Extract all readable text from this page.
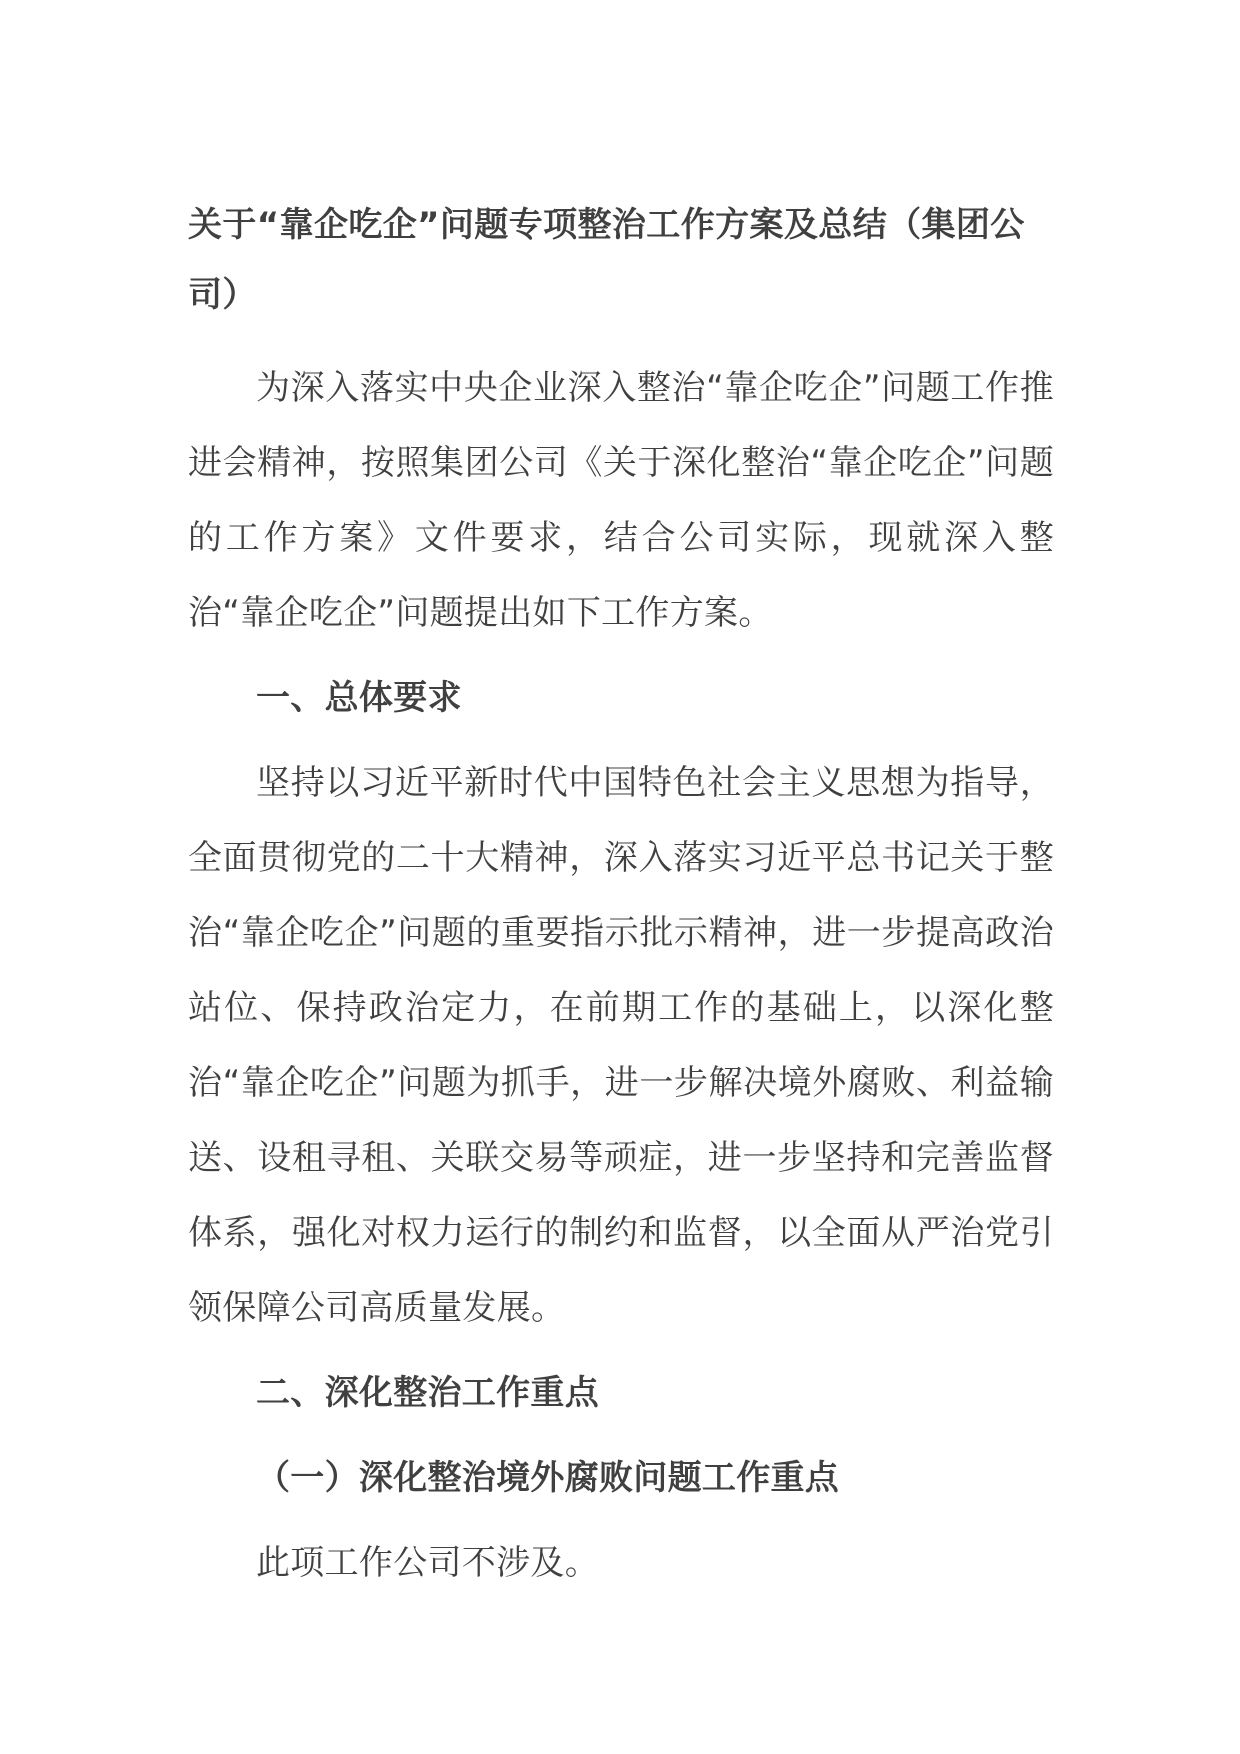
关于“靠企吃企”问题专项整治工作方案及总结（集团公司）

为深入落实中央企业深入整治“靠企吃企”问题工作推进会精神，按照集团公司《关于深化整治“靠企吃企”问题的工作方案》文件要求，结合公司实际，现就深入整治“靠企吃企”问题提出如下工作方案。

一、总体要求

坚持以习近平新时代中国特色社会主义思想为指导，全面贯彻党的二十大精神，深入落实习近平总书记关于整治“靠企吃企”问题的重要指示批示精神，进一步提高政治站位、保持政治定力，在前期工作的基础上，以深化整治“靠企吃企”问题为抓手，进一步解决境外腐败、利益输送、设租寻租、关联交易等顽症，进一步坚持和完善监督体系，强化对权力运行的制约和监督，以全面从严治党引领保障公司高质量发展。

二、深化整治工作重点
（一）深化整治境外腐败问题工作重点

此项工作公司不涉及。
